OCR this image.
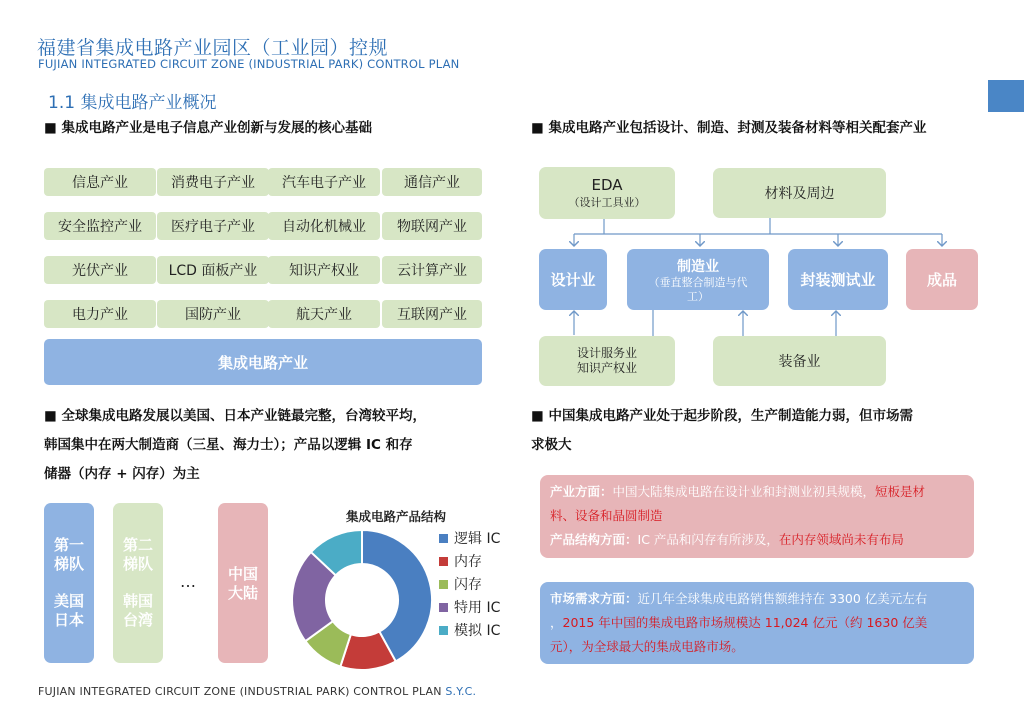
福建省集成电路产业园区（工业园）控规
FUJIAN INTEGRATED CIRCUIT ZONE (INDUSTRIAL PARK) CONTROL PLAN
1.1 集成电路产业概况
■ 集成电路产业是电子信息产业创新与发展的核心基础
信息产业	消费电子产业	汽车电子产业	通信产业
安全监控产业	医疗电子产业	自动化机械业	物联网产业
光伏产业	LCD 面板产业	知识产权业	云计算产业
电力产业	国防产业	航天产业	互联网产业
集成电路产业
■ 集成电路产业包括设计、制造、封测及装备材料等相关配套产业
EDA
（设计工具业）
材料及周边
设计业
制造业
（垂直整合制造与代工）
封装测试业	成品
设计服务业
知识产权业	装备业
■ 全球集成电路发展以美国、日本产业链最完整，台湾较平均，
韩国集中在两大制造商（三星、海力士）；产品以逻辑 IC 和存
储器（内存 + 闪存）为主
第一
梯队
美国
日本
第二
梯队
韩国
台湾
… 中国
大陆
集成电路产品结构
逻辑 IC
内存
闪存
特用 IC
模拟 IC
■ 中国集成电路产业处于起步阶段，生产制造能力弱，但市场需
求极大
产业方面：中国大陆集成电路在设计业和封测业初具规模，短板是材
料、设备和晶圆制造
产品结构方面：IC 产品和闪存有所涉及，在内存领域尚未有布局
市场需求方面：近几年全球集成电路销售额维持在 3300 亿美元左右
，2015 年中国的集成电路市场规模达 11,024 亿元（约 1630 亿美
元），为全球最大的集成电路市场。
FUJIAN INTEGRATED CIRCUIT ZONE (INDUSTRIAL PARK) CONTROL PLAN S.Y.C.
